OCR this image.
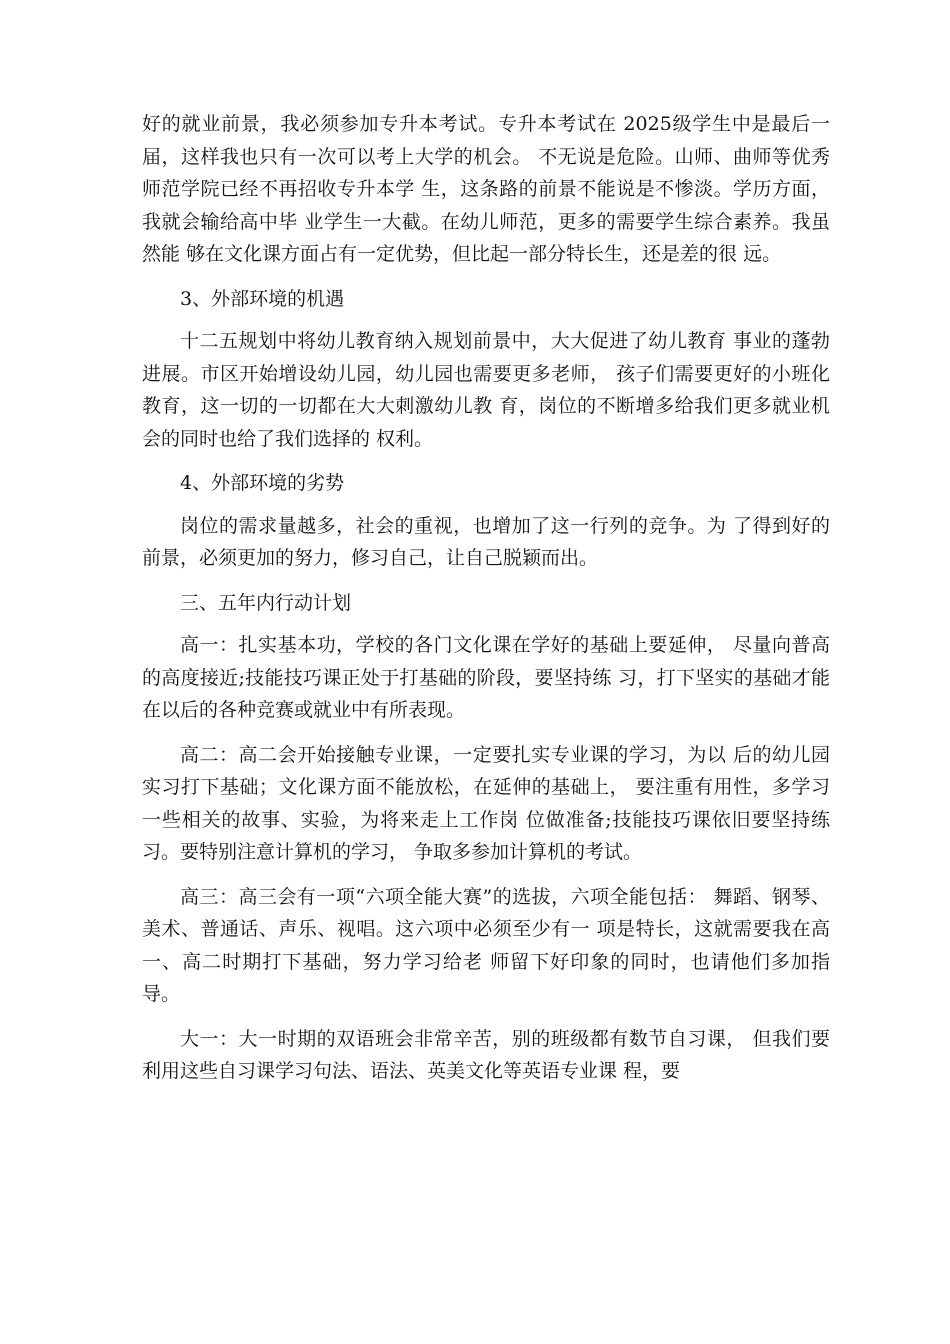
好的就业前景，我必须参加专升本考试。专升本考试在 2025级学生中是最后一届，这样我也只有一次可以考上大学的机会。 不无说是危险。山师、曲师等优秀师范学院已经不再招收专升本学 生，这条路的前景不能说是不惨淡。学历方面，我就会输给高中毕 业学生一大截。在幼儿师范，更多的需要学生综合素养。我虽然能 够在文化课方面占有一定优势，但比起一部分特长生，还是差的很 远。

3、外部环境的机遇

十二五规划中将幼儿教育纳入规划前景中，大大促进了幼儿教育 事业的蓬勃进展。市区开始增设幼儿园，幼儿园也需要更多老师， 孩子们需要更好的小班化教育，这一切的一切都在大大刺激幼儿教 育，岗位的不断增多给我们更多就业机会的同时也给了我们选择的 权利。

4、外部环境的劣势

岗位的需求量越多，社会的重视，也增加了这一行列的竞争。为 了得到好的前景，必须更加的努力，修习自己，让自己脱颖而出。

三、五年内行动计划

高一：扎实基本功，学校的各门文化课在学好的基础上要延伸， 尽量向普高的高度接近;技能技巧课正处于打基础的阶段，要坚持练 习，打下坚实的基础才能在以后的各种竞赛或就业中有所表现。

高二：高二会开始接触专业课，一定要扎实专业课的学习，为以 后的幼儿园实习打下基础；文化课方面不能放松，在延伸的基础上， 要注重有用性，多学习一些相关的故事、实验，为将来走上工作岗 位做准备;技能技巧课依旧要坚持练习。要特别注意计算机的学习， 争取多参加计算机的考试。

高三：高三会有一项“六项全能大赛”的选拔，六项全能包括： 舞蹈、钢琴、美术、普通话、声乐、视唱。这六项中必须至少有一 项是特长，这就需要我在高一、高二时期打下基础，努力学习给老 师留下好印象的同时，也请他们多加指导。

大一：大一时期的双语班会非常辛苦，别的班级都有数节自习课， 但我们要利用这些自习课学习句法、语法、英美文化等英语专业课 程，要
